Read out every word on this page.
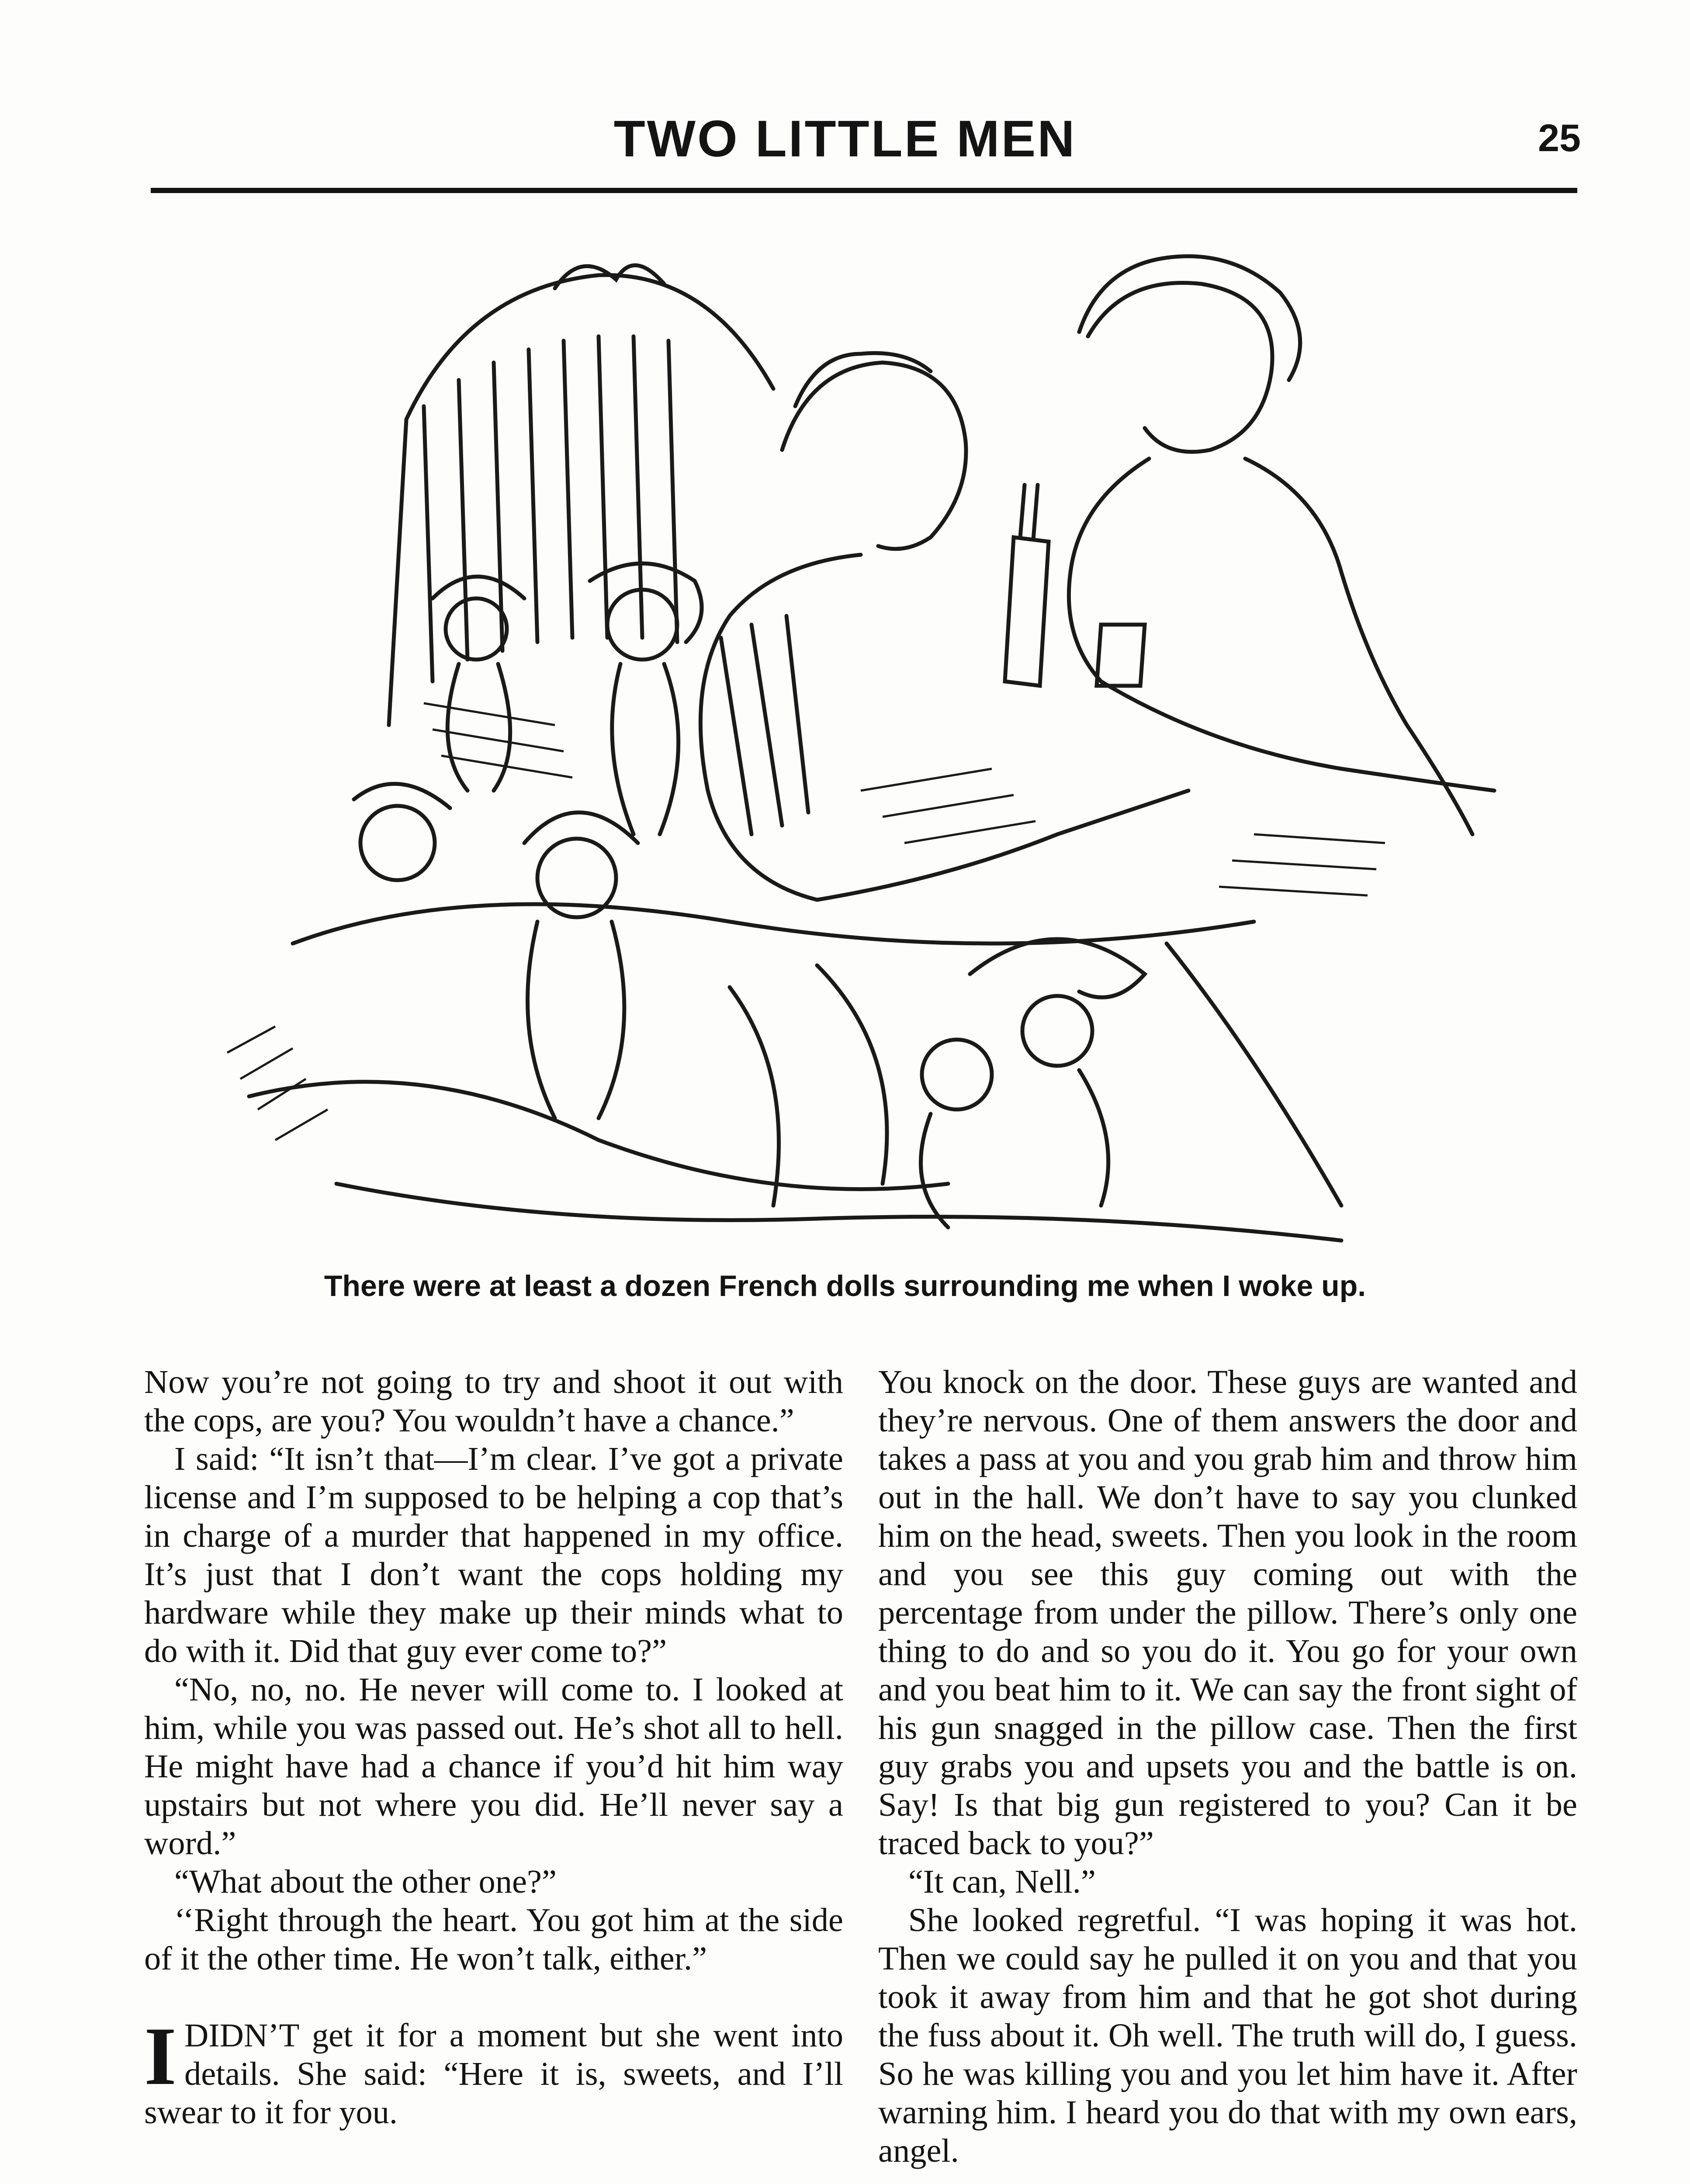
TWO LITTLE MEN	25
There were at least a dozen French dolls surrounding me when I woke up.

Now you’re not going to try and shoot it out with the cops, are you? You wouldn’t have a chance.”

I said: “It isn’t that—I’m clear. I’ve got a private license and I’m supposed to be helping a cop that’s in charge of a murder that happened in my office. It’s just that I don’t want the cops holding my hardware while they make up their minds what to do with it. Did that guy ever come to?”

“No, no, no. He never will come to. I looked at him, while you was passed out. He’s shot all to hell. He might have had a chance if you’d hit him way upstairs but not where you did. He’ll never say a word.”

“What about the other one?”

‘‘Right through the heart. You got him at the side of it the other time. He won’t talk, either.”

IDIDN’T get it for a moment but she went into details. She said: “Here it is, sweets, and I’ll swear to it for you.

You knock on the door. These guys are wanted and they’re nervous. One of them answers the door and takes a pass at you and you grab him and throw him out in the hall. We don’t have to say you clunked him on the head, sweets. Then you look in the room and you see this guy coming out with the percentage from under the pillow. There’s only one thing to do and so you do it. You go for your own and you beat him to it. We can say the front sight of his gun snagged in the pillow case. Then the first guy grabs you and upsets you and the battle is on. Say! Is that big gun registered to you? Can it be traced back to you?”

“It can, Nell.”

She looked regretful. “I was hoping it was hot. Then we could say he pulled it on you and that you took it away from him and that he got shot during the fuss about it. Oh well. The truth will do, I guess. So he was killing you and you let him have it. After warning him. I heard you do that with my own ears, angel.
